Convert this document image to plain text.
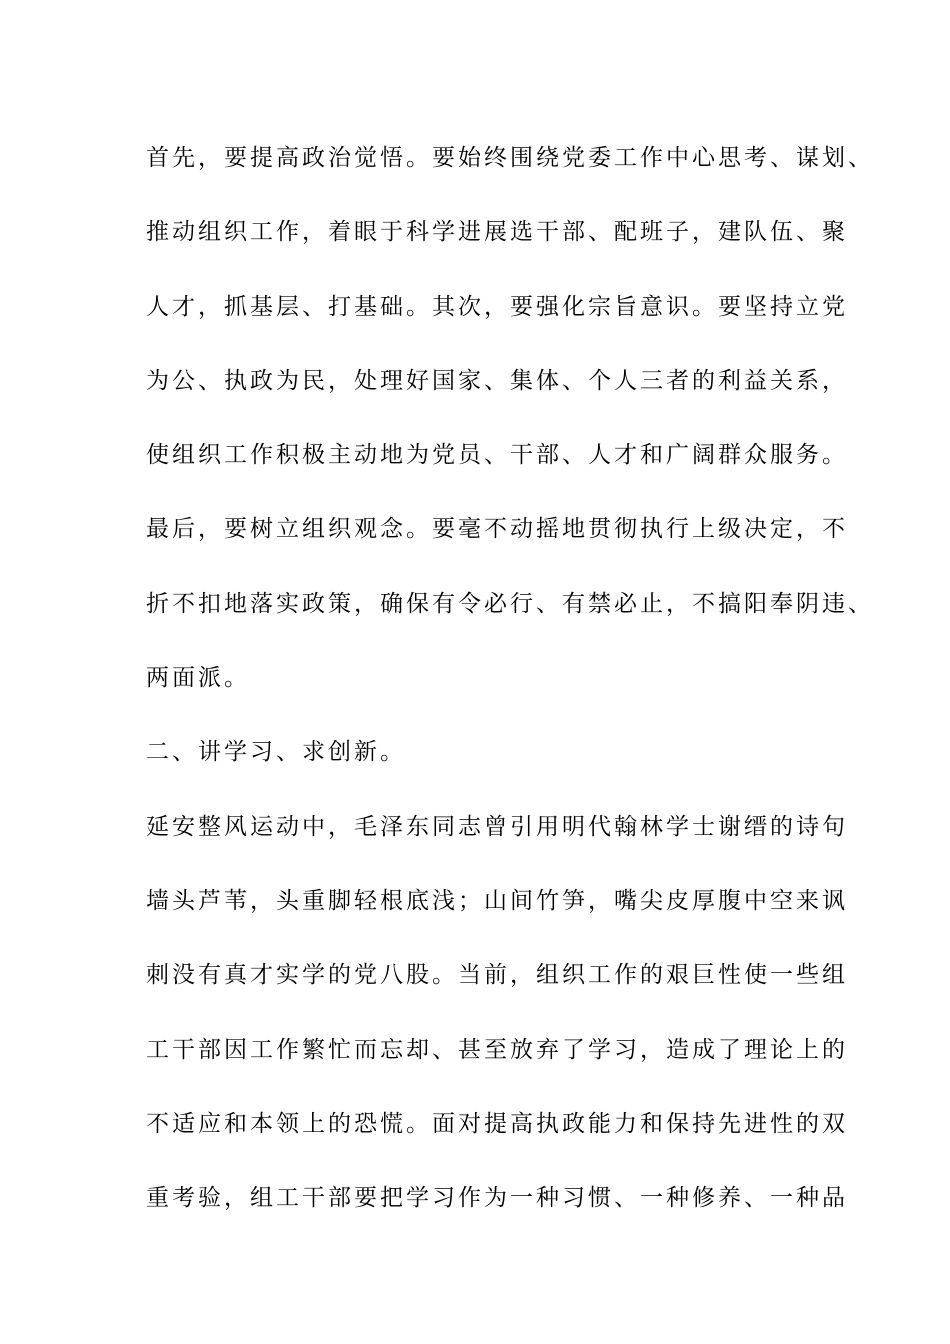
首先，要提高政治觉悟。要始终围绕党委工作中心思考、谋划、
推动组织工作，着眼于科学进展选干部、配班子，建队伍、聚
人才，抓基层、打基础。其次，要强化宗旨意识。要坚持立党
为公、执政为民，处理好国家、集体、个人三者的利益关系，
使组织工作积极主动地为党员、干部、人才和广阔群众服务。
最后，要树立组织观念。要毫不动摇地贯彻执行上级决定，不
折不扣地落实政策，确保有令必行、有禁必止，不搞阳奉阴违、
两面派。
二、讲学习、求创新。
延安整风运动中，毛泽东同志曾引用明代翰林学士谢缙的诗句
墙头芦苇，头重脚轻根底浅；山间竹笋，嘴尖皮厚腹中空来讽
刺没有真才实学的党八股。当前，组织工作的艰巨性使一些组
工干部因工作繁忙而忘却、甚至放弃了学习，造成了理论上的
不适应和本领上的恐慌。面对提高执政能力和保持先进性的双
重考验，组工干部要把学习作为一种习惯、一种修养、一种品
